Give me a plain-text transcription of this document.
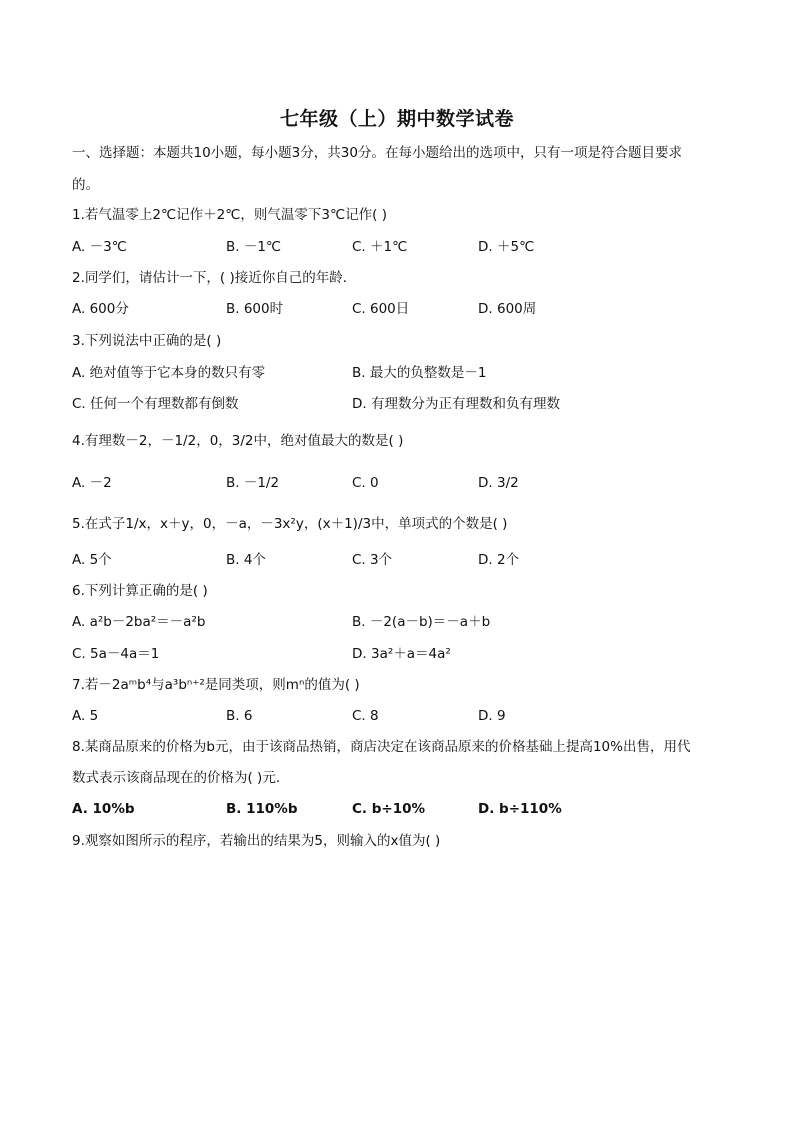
七年级（上）期中数学试卷
一、选择题：本题共10小题，每小题3分，共30分。在每小题给出的选项中，只有一项是符合题目要求
的。
1.若气温零上2℃记作＋2℃，则气温零下3℃记作( )
A. －3℃	B. －1℃	C. ＋1℃	D. ＋5℃
2.同学们，请估计一下，( )接近你自己的年龄．
A. 600分	B. 600时	C. 600日	D. 600周
3.下列说法中正确的是( )
A. 绝对值等于它本身的数只有零	B. 最大的负整数是－1
C. 任何一个有理数都有倒数	D. 有理数分为正有理数和负有理数
4.有理数－2，－1/2，0，3/2中，绝对值最大的数是( )
A. －2	B. －1/2	C. 0	D. 3/2
5.在式子1/x，x＋y，0，－a，－3x²y，(x＋1)/3中，单项式的个数是( )
A. 5个	B. 4个	C. 3个	D. 2个
6.下列计算正确的是( )
A. a²b－2ba²＝－a²b	B. －2(a－b)＝－a＋b
C. 5a－4a＝1	D. 3a²＋a＝4a²
7.若－2aᵐb⁴与a³bⁿ⁺²是同类项，则mⁿ的值为( )
A. 5	B. 6	C. 8	D. 9
8.某商品原来的价格为b元，由于该商品热销，商店决定在该商品原来的价格基础上提高10%出售，用代
数式表示该商品现在的价格为( )元.
A. 10%b	B. 110%b	C. b÷10%	D. b÷110%
9.观察如图所示的程序，若输出的结果为5，则输入的x值为( )
